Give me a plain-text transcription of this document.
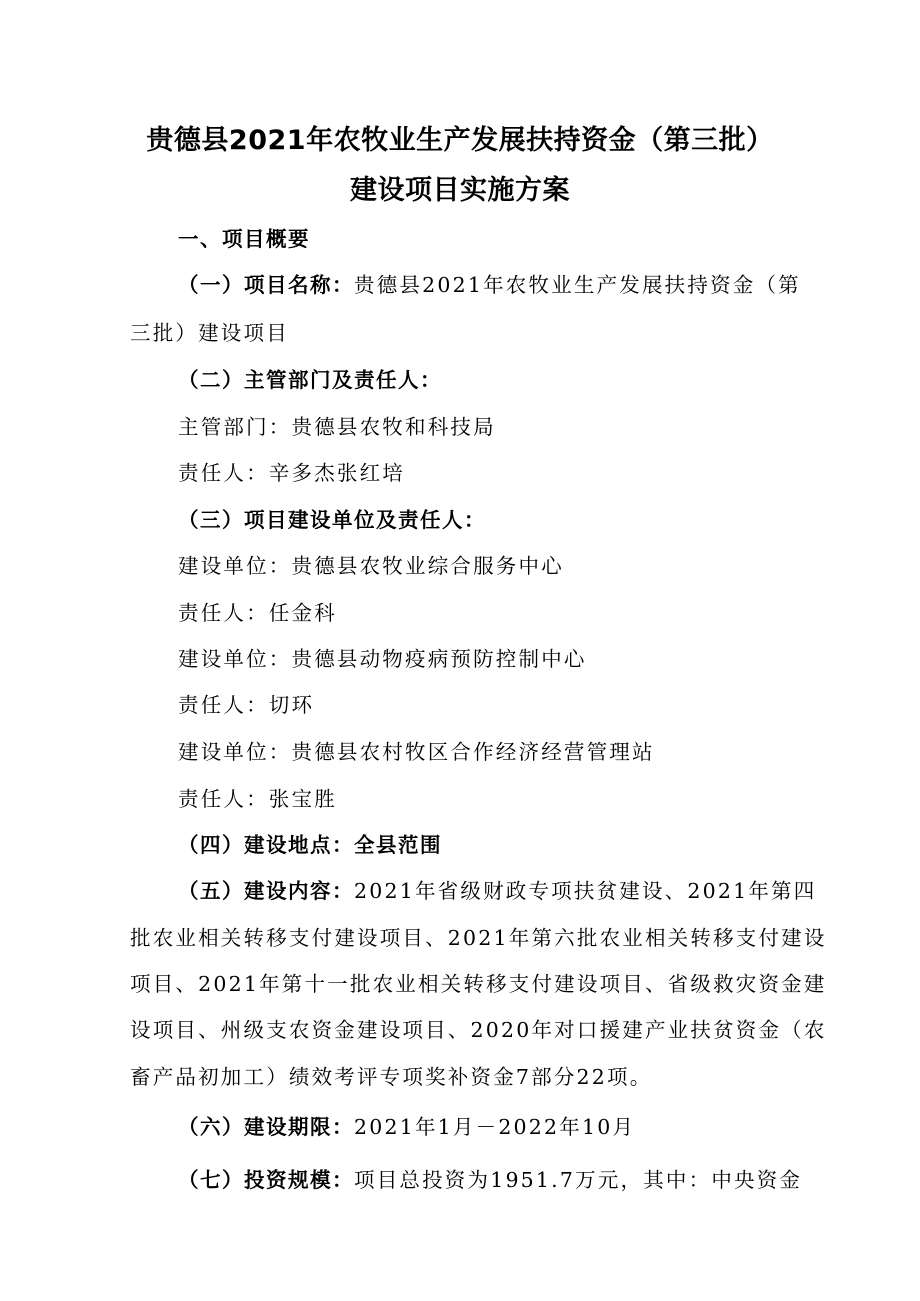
贵德县2021年农牧业生产发展扶持资金（第三批）
建设项目实施方案
一、项目概要
（一）项目名称：贵德县2021年农牧业生产发展扶持资金（第
三批）建设项目
（二）主管部门及责任人：
主管部门：贵德县农牧和科技局
责任人：辛多杰张红培
（三）项目建设单位及责任人：
建设单位：贵德县农牧业综合服务中心
责任人：任金科
建设单位：贵德县动物疫病预防控制中心
责任人：切环
建设单位：贵德县农村牧区合作经济经营管理站
责任人：张宝胜
（四）建设地点：全县范围
（五）建设内容：2021年省级财政专项扶贫建设、2021年第四
批农业相关转移支付建设项目、2021年第六批农业相关转移支付建设
项目、2021年第十一批农业相关转移支付建设项目、省级救灾资金建
设项目、州级支农资金建设项目、2020年对口援建产业扶贫资金（农
畜产品初加工）绩效考评专项奖补资金7部分22项。
（六）建设期限：2021年1月－2022年10月
（七）投资规模：项目总投资为1951.7万元，其中：中央资金
